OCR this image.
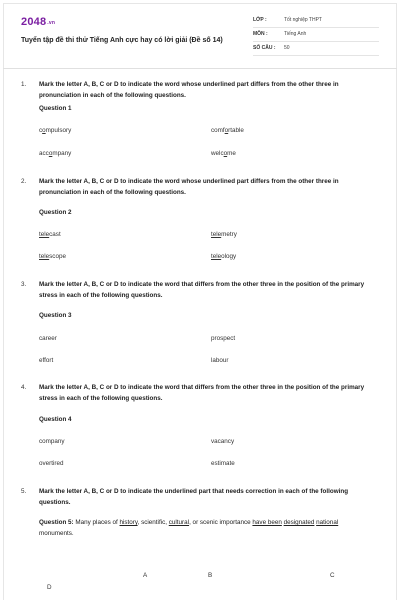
2048.vn
Tuyển tập đề thi thử Tiếng Anh cực hay có lời giải (Đề số 14)
LỚP :	Tốt nghiệp THPT
MÔN :	Tiếng Anh
SỐ CÂU : 50
1. Mark the letter A, B, C or D to indicate the word whose underlined part differs from the other three in pronunciation in each of the following questions.
Question 1
compulsory	comfortable
accompany	welcome
2. Mark the letter A, B, C or D to indicate the word whose underlined part differs from the other three in pronunciation in each of the following questions.
Question 2
telecast	telemetry
telescope	teleology
3. Mark the letter A, B, C or D to indicate the word that differs from the other three in the position of the primary stress in each of the following questions.
Question 3
career	prospect
effort	labour
4. Mark the letter A, B, C or D to indicate the word that differs from the other three in the position of the primary stress in each of the following questions.
Question 4
company	vacancy
overtired	estimate
5. Mark the letter A, B, C or D to indicate the underlined part that needs correction in each of the following questions.
Question 5: Many places of history, scientific, cultural, or scenic importance have been designated national monuments.
A	B	C
D
